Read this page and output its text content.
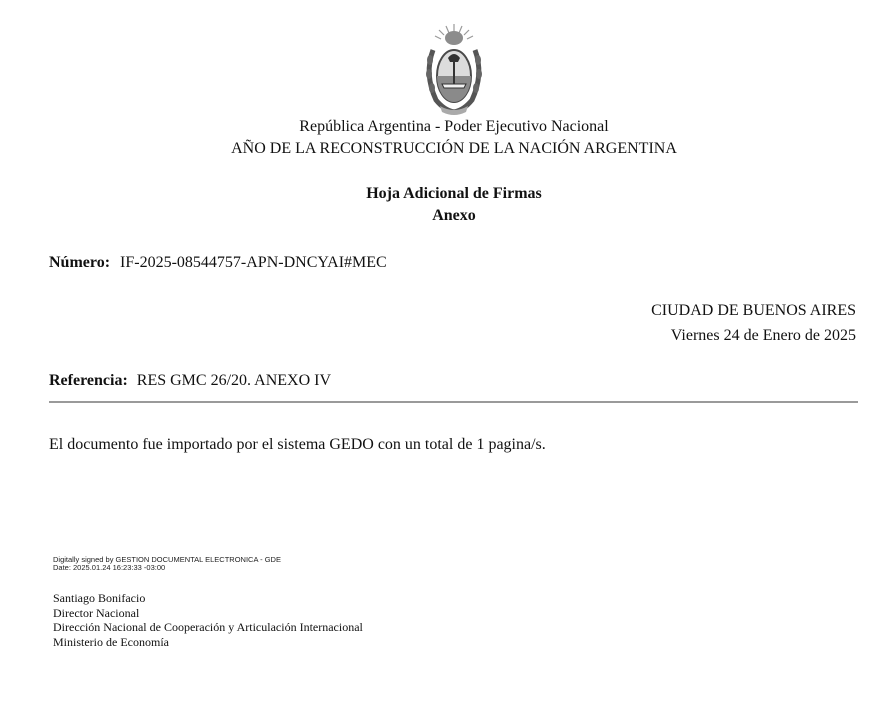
República Argentina - Poder Ejecutivo Nacional
AÑO DE LA RECONSTRUCCIÓN DE LA NACIÓN ARGENTINA
Hoja Adicional de Firmas
Anexo
Número: IF-2025-08544757-APN-DNCYAI#MEC
CIUDAD DE BUENOS AIRES
Viernes 24 de Enero de 2025
Referencia: RES GMC 26/20. ANEXO IV
El documento fue importado por el sistema GEDO con un total de 1 pagina/s.
Digitally signed by GESTION DOCUMENTAL ELECTRONICA - GDE
Date: 2025.01.24 16:23:33 -03:00
Santiago Bonifacio
Director Nacional
Dirección Nacional de Cooperación y Articulación Internacional
Ministerio de Economía
